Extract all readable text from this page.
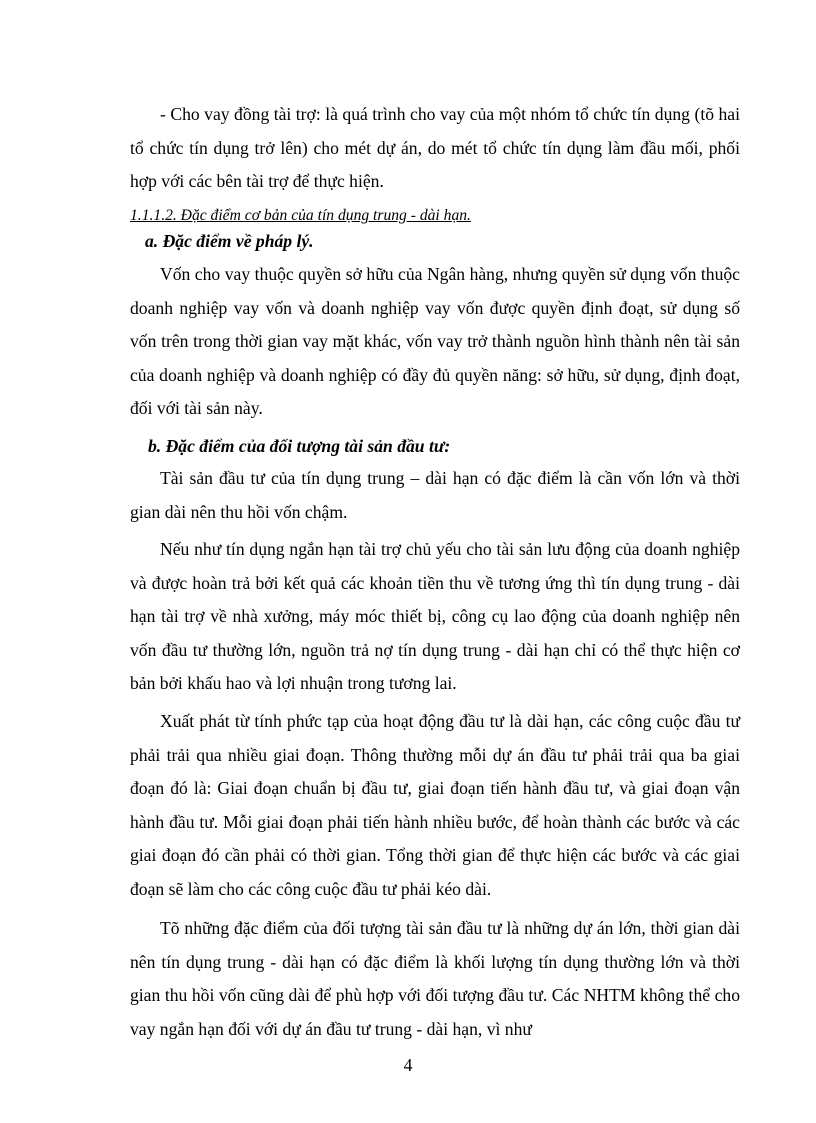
- Cho vay đồng tài trợ: là quá trình cho vay của một nhóm tổ chức tín dụng (tõ hai tổ chức tín dụng trở lên) cho mét dự án, do mét tổ chức tín dụng làm đầu mối, phối hợp với các bên tài trợ để thực hiện.

1.1.1.2. Đặc điểm cơ bản của tín dụng trung - dài hạn.
a. Đặc điểm về pháp lý.

Vốn cho vay thuộc quyền sở hữu của Ngân hàng, nhưng quyền sử dụng vốn thuộc doanh nghiệp vay vốn và doanh nghiệp vay vốn được quyền định đoạt, sử dụng số vốn trên trong thời gian vay mặt khác, vốn vay trở thành nguồn hình thành nên tài sản của doanh nghiệp và doanh nghiệp có đầy đủ quyền năng: sở hữu, sử dụng, định đoạt, đối với tài sản này.

b. Đặc điểm của đối tượng tài sản đầu tư:

Tài sản đầu tư của tín dụng trung – dài hạn có đặc điểm là cần vốn lớn và thời gian dài nên thu hồi vốn chậm.

Nếu như tín dụng ngắn hạn tài trợ chủ yếu cho tài sản lưu động của doanh nghiệp và được hoàn trả bởi kết quả các khoản tiền thu về tương ứng thì tín dụng trung - dài hạn tài trợ về nhà xưởng, máy móc thiết bị, công cụ lao động của doanh nghiệp nên vốn đầu tư thường lớn, nguồn trả nợ tín dụng trung - dài hạn chỉ có thể thực hiện cơ bản bởi khấu hao và lợi nhuận trong tương lai.

Xuất phát từ tính phức tạp của hoạt động đầu tư là dài hạn, các công cuộc đầu tư phải trải qua nhiều giai đoạn. Thông thường mỗi dự án đầu tư phải trải qua ba giai đoạn đó là: Giai đoạn chuẩn bị đầu tư, giai đoạn tiến hành đầu tư, và giai đoạn vận hành đầu tư. Mỗi giai đoạn phải tiến hành nhiều bước, để hoàn thành các bước và các giai đoạn đó cần phải có thời gian. Tổng thời gian để thực hiện các bước và các giai đoạn sẽ làm cho các công cuộc đầu tư phải kéo dài.

Tõ những đặc điểm của đối tượng tài sản đầu tư là những dự án lớn, thời gian dài nên tín dụng trung - dài hạn có đặc điểm là khối lượng tín dụng thường lớn và thời gian thu hồi vốn cũng dài để phù hợp với đối tượng đầu tư. Các NHTM không thể cho vay ngắn hạn đối với dự án đầu tư trung - dài hạn, vì như

4
